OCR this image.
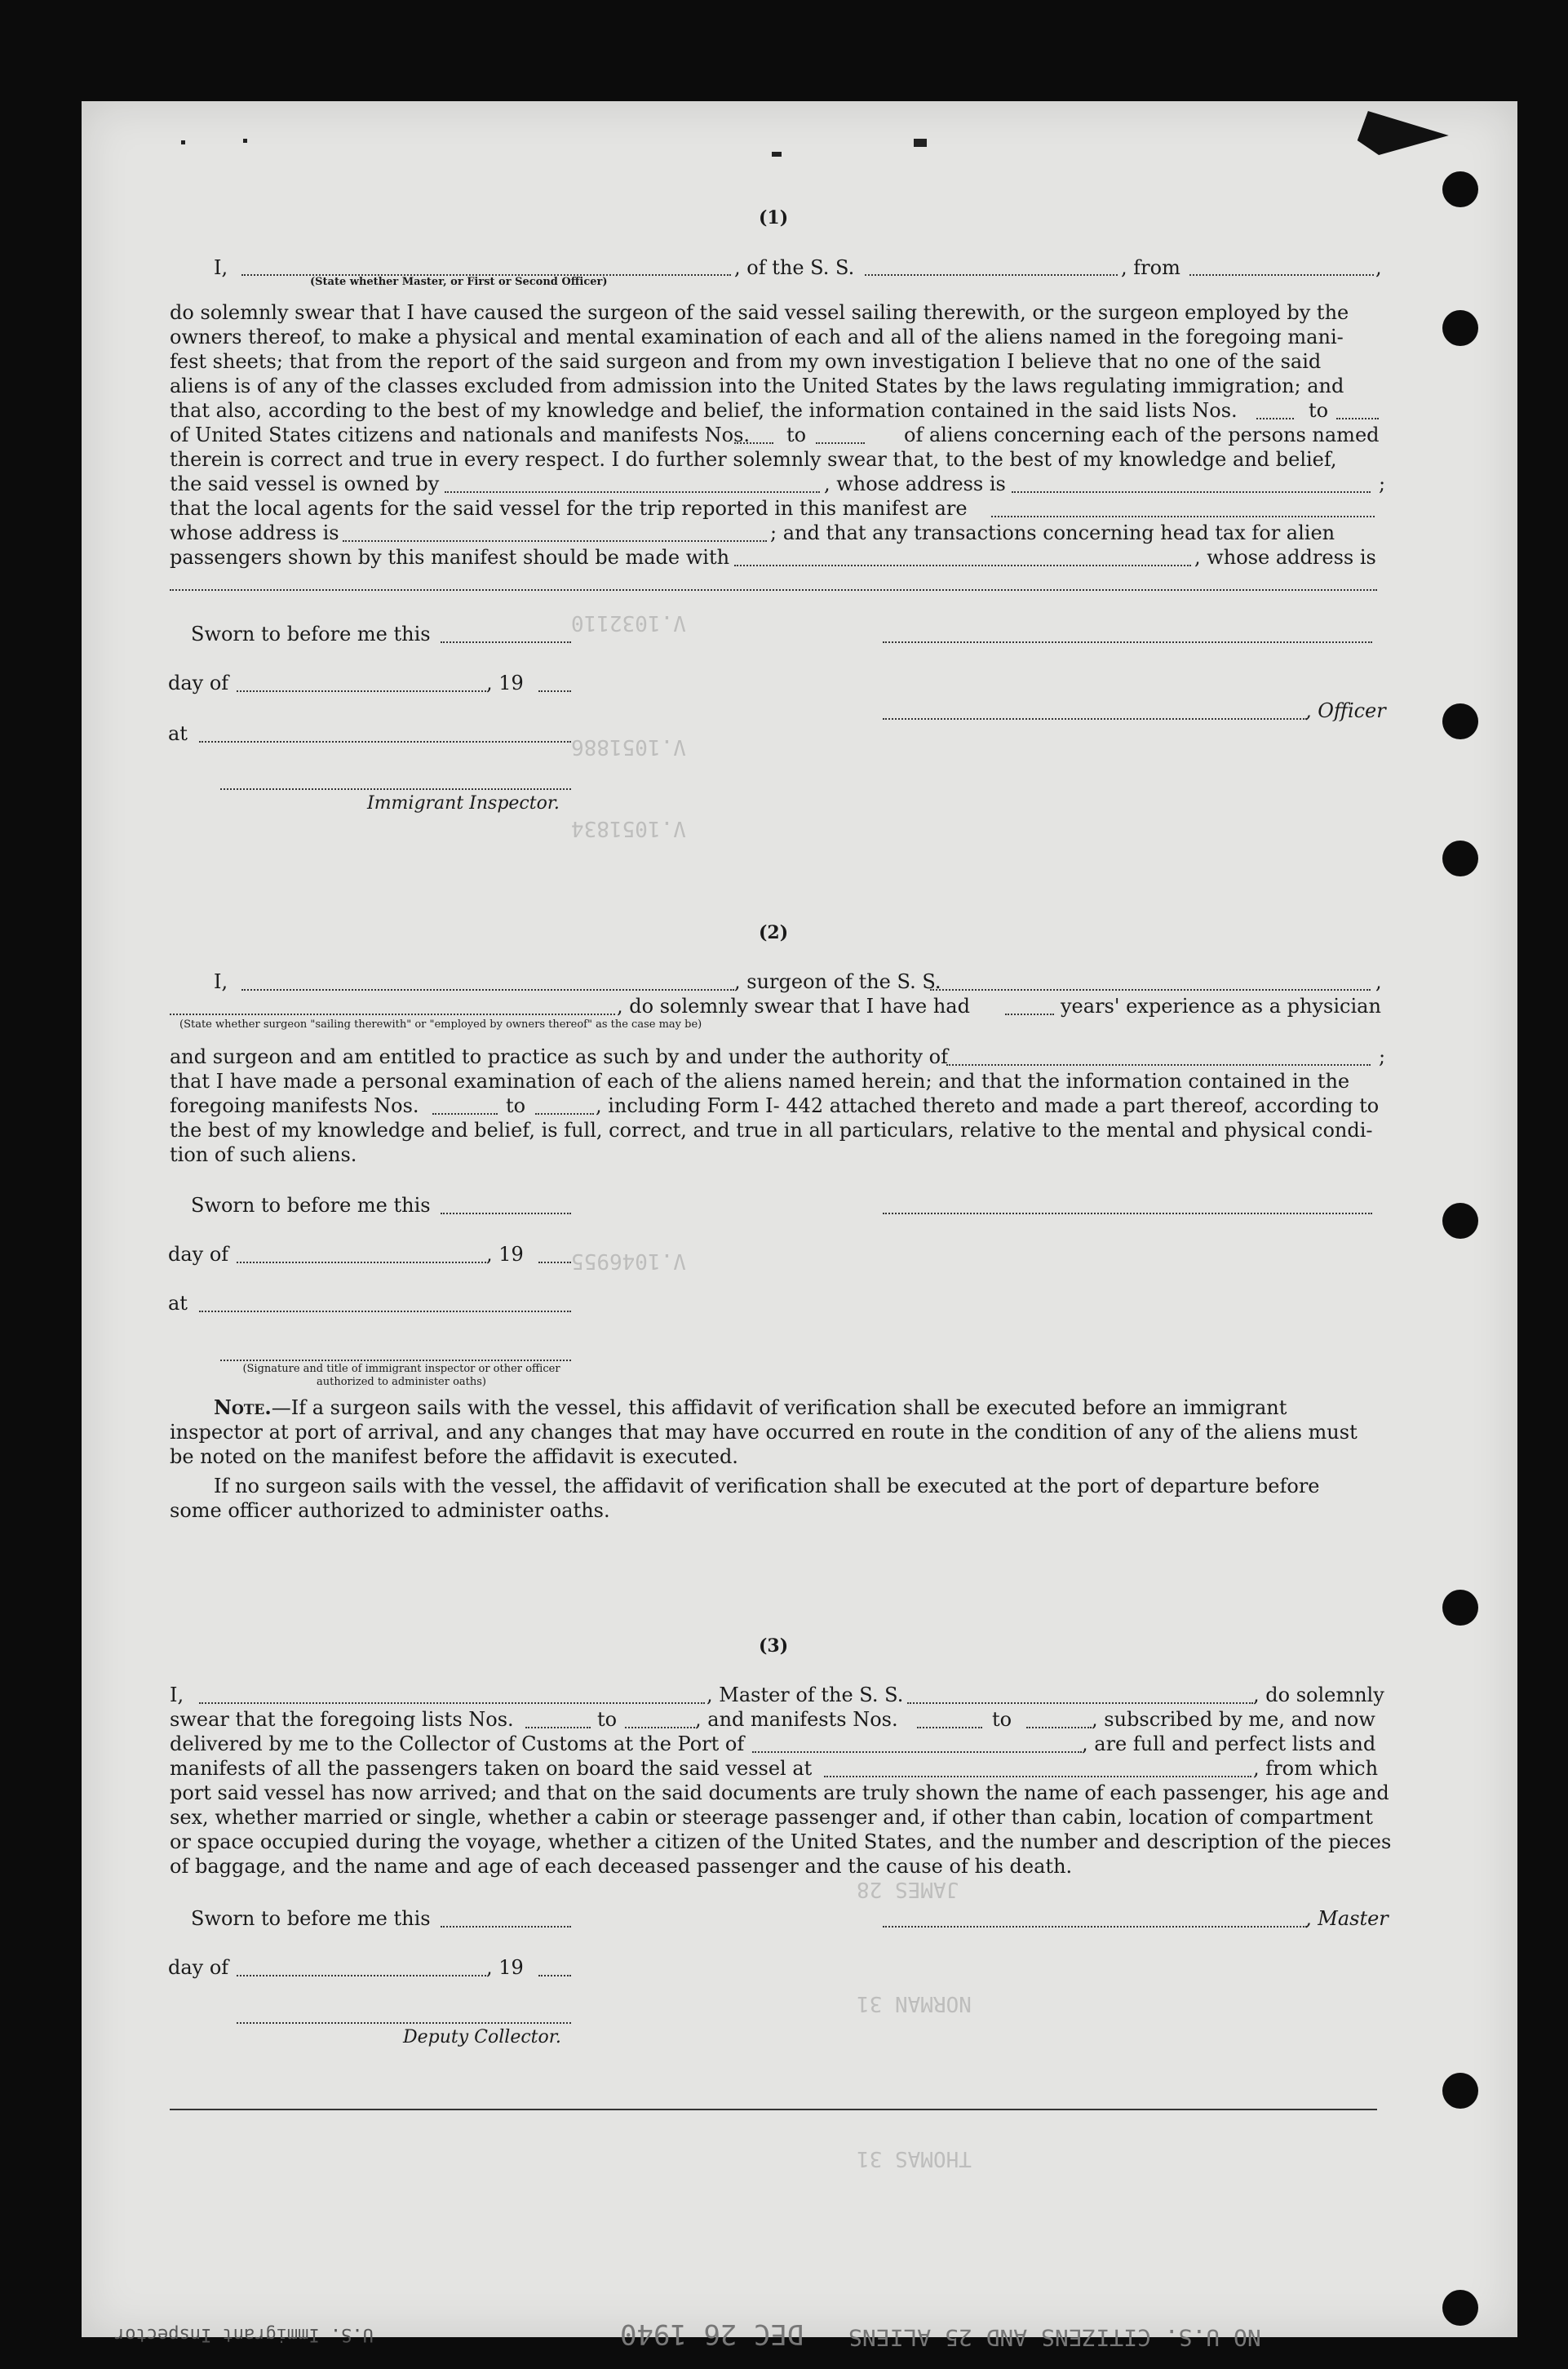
V.1032110
V.1051886
V.1051834
V.1046955
JAMES 28
NORMAN 31
THOMAS 31
(1)
I,	, of the S. S.	, from	,
(State whether Master, or First or Second Officer)
do solemnly swear that I have caused the surgeon of the said vessel sailing therewith, or the surgeon employed by the
owners thereof, to make a physical and mental examination of each and all of the aliens named in the foregoing mani-
fest sheets; that from the report of the said surgeon and from my own investigation I believe that no one of the said
aliens is of any of the classes excluded from admission into the United States by the laws regulating immigration; and
that also, according to the best of my knowledge and belief, the information contained in the said lists Nos.	to
of United States citizens and nationals and manifests Nos. to	of aliens concerning each of the persons named
therein is correct and true in every respect. I do further solemnly swear that, to the best of my knowledge and belief,
the said vessel is owned by	, whose address is	;
that the local agents for the said vessel for the trip reported in this manifest are
whose address is	; and that any transactions concerning head tax for alien
passengers shown by this manifest should be made with	, whose address is
Sworn to before me this
day of	, 19
, Officer
at
Immigrant Inspector.
(2)
I,	, surgeon of the S. S.	,
, do solemnly swear that I have had	years' experience as a physician
(State whether surgeon "sailing therewith" or "employed by owners thereof" as the case may be)
and surgeon and am entitled to practice as such by and under the authority of	;
that I have made a personal examination of each of the aliens named herein; and that the information contained in the
foregoing manifests Nos.	to	, including Form I- 442 attached thereto and made a part thereof, according to
the best of my knowledge and belief, is full, correct, and true in all particulars, relative to the mental and physical condi-
tion of such aliens.
Sworn to before me this
day of	, 19
at
(Signature and title of immigrant inspector or other officer authorized to administer oaths)
Note.—If a surgeon sails with the vessel, this affidavit of verification shall be executed before an immigrant
inspector at port of arrival, and any changes that may have occurred en route in the condition of any of the aliens must
be noted on the manifest before the affidavit is executed.
If no surgeon sails with the vessel, the affidavit of verification shall be executed at the port of departure before
some officer authorized to administer oaths.
(3)
I,	, Master of the S. S.	, do solemnly
swear that the foregoing lists Nos.	to	, and manifests Nos.	to	, subscribed by me, and now
delivered by me to the Collector of Customs at the Port of	, are full and perfect lists and
manifests of all the passengers taken on board the said vessel at	, from which
port said vessel has now arrived; and that on the said documents are truly shown the name of each passenger, his age and
sex, whether married or single, whether a cabin or steerage passenger and, if other than cabin, location of compartment
or space occupied during the voyage, whether a citizen of the United States, and the number and description of the pieces
of baggage, and the name and age of each deceased passenger and the cause of his death.
Sworn to before me this	, Master
day of	, 19
Deputy Collector.
NO U.S. CITIZENS AND 25 ALIENS
DEC 26 1940
U.S. Immigrant Inspector
